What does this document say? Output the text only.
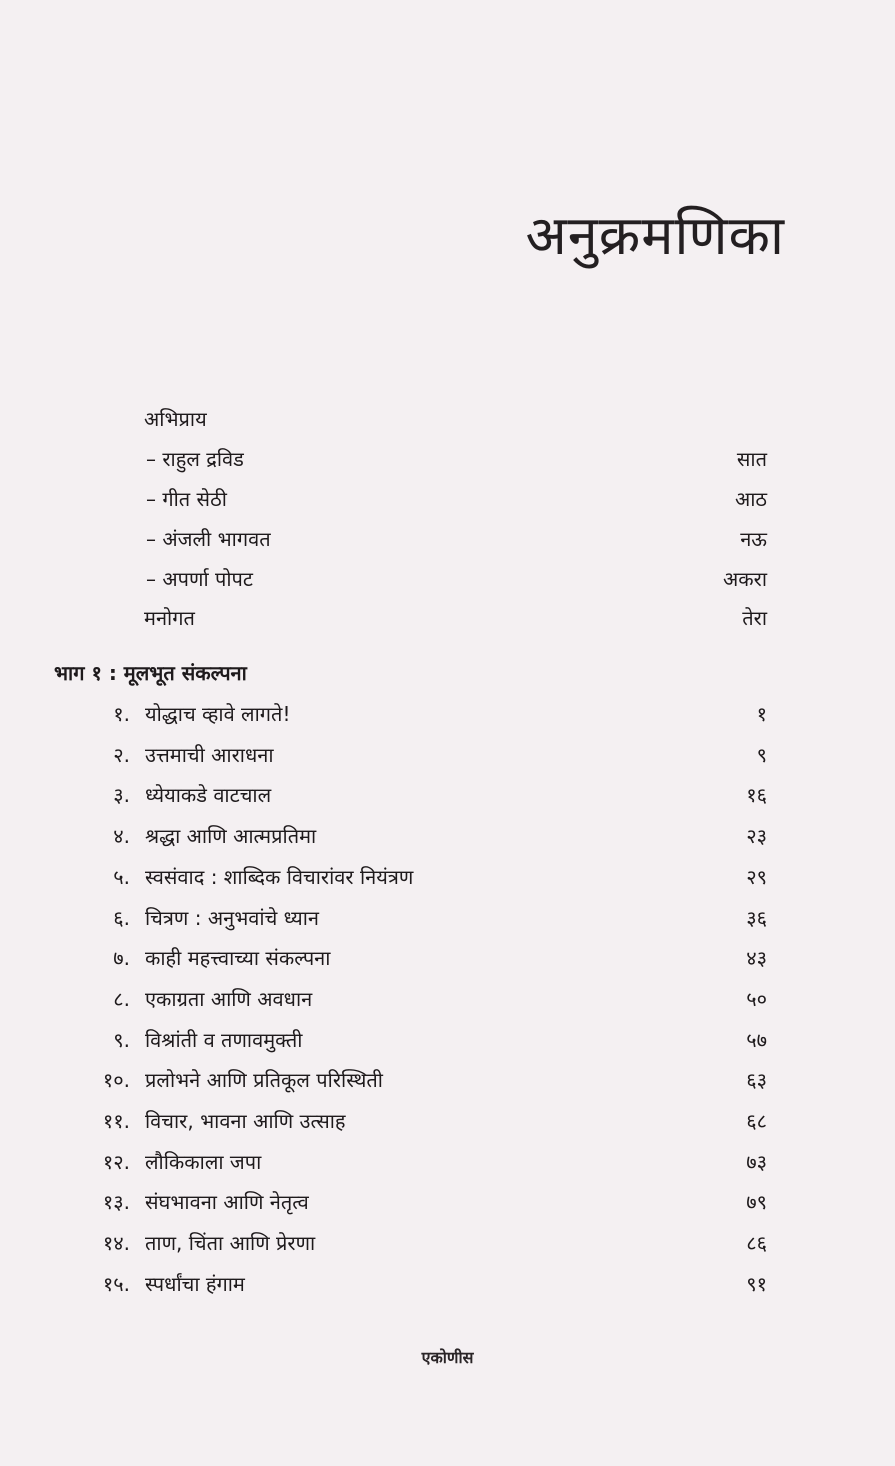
अनुक्रमणिका
अभिप्राय
– राहुल द्रविड	सात
– गीत सेठी	आठ
– अंजली भागवत	नऊ
– अपर्णा पोपट	अकरा
मनोगत	तेरा
भाग १ : मूलभूत संकल्पना
१. योद्धाच व्हावे लागते!	१
२. उत्तमाची आराधना	९
३. ध्येयाकडे वाटचाल	१६
४. श्रद्धा आणि आत्मप्रतिमा	२३
५. स्वसंवाद : शाब्दिक विचारांवर नियंत्रण	२९
६. चित्रण : अनुभवांचे ध्यान	३६
७. काही महत्त्वाच्या संकल्पना	४३
८. एकाग्रता आणि अवधान	५०
९. विश्रांती व तणावमुक्ती	५७
१०. प्रलोभने आणि प्रतिकूल परिस्थिती	६३
११. विचार, भावना आणि उत्साह	६८
१२. लौकिकाला जपा	७३
१३. संघभावना आणि नेतृत्व	७९
१४. ताण, चिंता आणि प्रेरणा	८६
१५. स्पर्धांचा हंगाम	९१
एकोणीस
